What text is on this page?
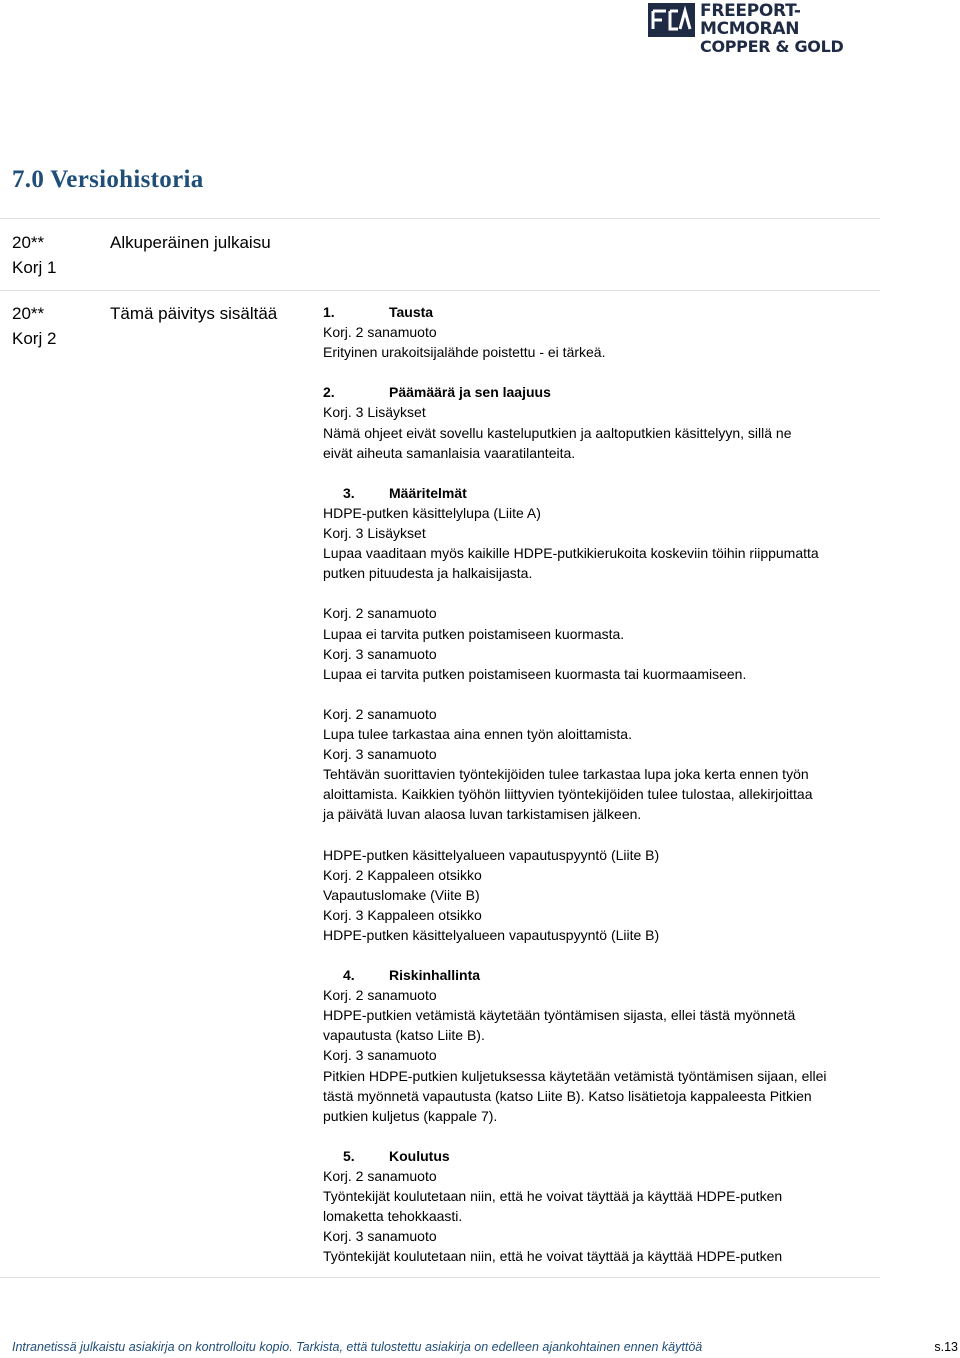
FREEPORT-MCMORAN
COPPER & GOLD
7.0 Versiohistoria
20**
Korj 1
Alkuperäinen julkaisu
20**
Korj 2
Tämä päivitys sisältää	1.	Tausta
Korj. 2 sanamuoto
Erityinen urakoitsijalähde poistettu - ei tärkeä.
2.	Päämäärä ja sen laajuus
Korj. 3 Lisäykset
Nämä ohjeet eivät sovellu kasteluputkien ja aaltoputkien käsittelyyn, sillä ne
eivät aiheuta samanlaisia vaaratilanteita.
3.	Määritelmät
HDPE-putken käsittelylupa (Liite A)
Korj. 3 Lisäykset
Lupaa vaaditaan myös kaikille HDPE-putkikierukoita koskeviin töihin riippumatta
putken pituudesta ja halkaisijasta.
Korj. 2 sanamuoto
Lupaa ei tarvita putken poistamiseen kuormasta.
Korj. 3 sanamuoto
Lupaa ei tarvita putken poistamiseen kuormasta tai kuormaamiseen.
Korj. 2 sanamuoto
Lupa tulee tarkastaa aina ennen työn aloittamista.
Korj. 3 sanamuoto
Tehtävän suorittavien työntekijöiden tulee tarkastaa lupa joka kerta ennen työn
aloittamista. Kaikkien työhön liittyvien työntekijöiden tulee tulostaa, allekirjoittaa
ja päivätä luvan alaosa luvan tarkistamisen jälkeen.
HDPE-putken käsittelyalueen vapautuspyyntö (Liite B)
Korj. 2 Kappaleen otsikko
Vapautuslomake (Viite B)
Korj. 3 Kappaleen otsikko
HDPE-putken käsittelyalueen vapautuspyyntö (Liite B)
4.	Riskinhallinta
Korj. 2 sanamuoto
HDPE-putkien vetämistä käytetään työntämisen sijasta, ellei tästä myönnetä
vapautusta (katso Liite B).
Korj. 3 sanamuoto
Pitkien HDPE-putkien kuljetuksessa käytetään vetämistä työntämisen sijaan, ellei
tästä myönnetä vapautusta (katso Liite B). Katso lisätietoja kappaleesta Pitkien
putkien kuljetus (kappale 7).
5.	Koulutus
Korj. 2 sanamuoto
Työntekijät koulutetaan niin, että he voivat täyttää ja käyttää HDPE-putken
lomaketta tehokkaasti.
Korj. 3 sanamuoto
Työntekijät koulutetaan niin, että he voivat täyttää ja käyttää HDPE-putken
Intranetissä julkaistu asiakirja on kontrolloitu kopio. Tarkista, että tulostettu asiakirja on edelleen ajankohtainen ennen käyttöä	s.13
